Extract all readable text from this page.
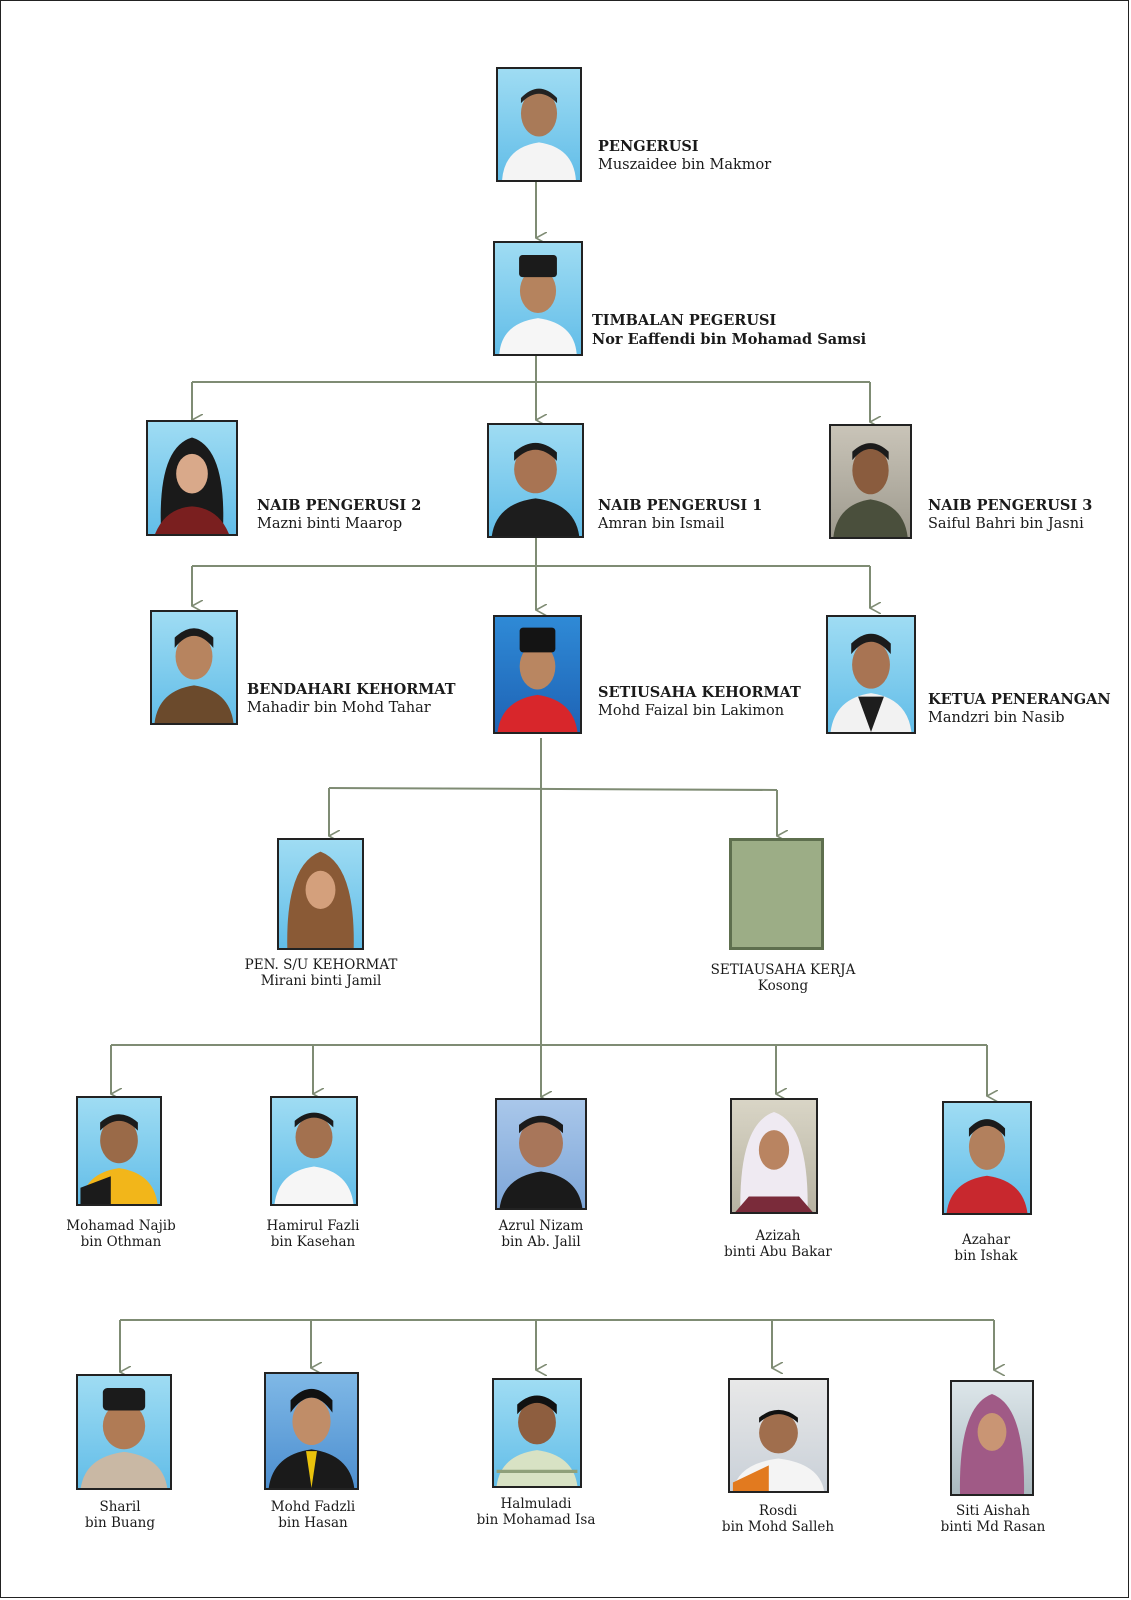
PENGERUSI
Muszaidee bin Makmor
TIMBALAN PEGERUSI
Nor Eaffendi bin Mohamad Samsi
NAIB PENGERUSI 2
Mazni binti Maarop
NAIB PENGERUSI 1
Amran bin Ismail
NAIB PENGERUSI 3
Saiful Bahri bin Jasni
BENDAHARI KEHORMAT
Mahadir bin Mohd Tahar
SETIUSAHA KEHORMAT
Mohd Faizal bin Lakimon
KETUA PENERANGAN
Mandzri bin Nasib
PEN. S/U KEHORMAT
Mirani binti Jamil
SETIAUSAHA KERJA
Kosong
Mohamad Najib
bin Othman
Hamirul Fazli
bin Kasehan
Azrul Nizam
bin Ab. Jalil	Azizah
binti Abu Bakar
Azahar
bin Ishak
Sharil
bin Buang
Mohd Fadzli
bin Hasan
Halmuladi
bin Mohamad Isa
Rosdi
bin Mohd Salleh
Siti Aishah
binti Md Rasan
